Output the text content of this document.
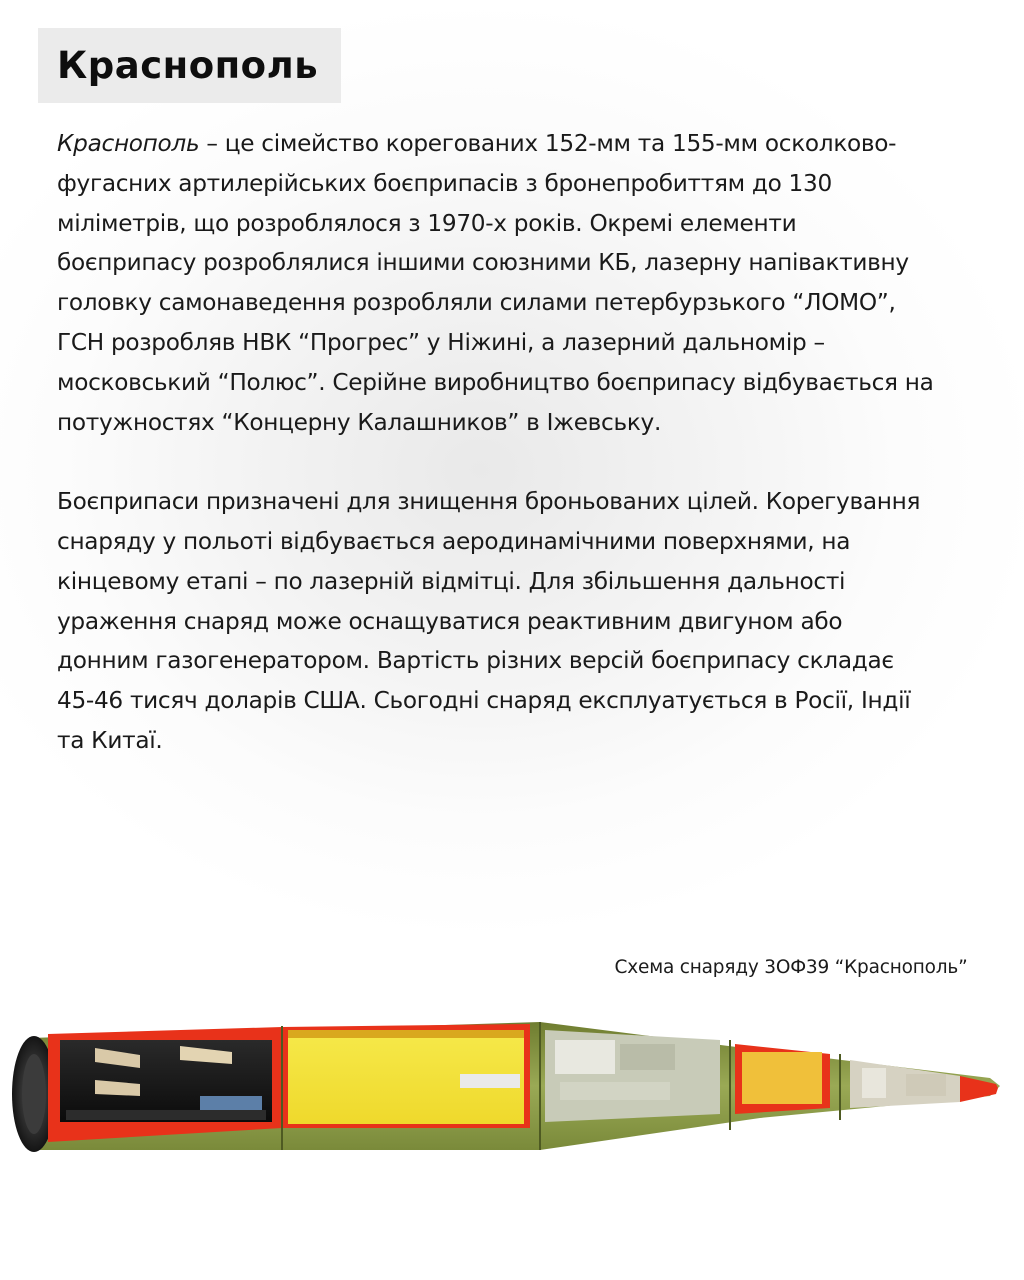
Краснополь

Краснополь – це сімейство корегованих 152-мм та 155-мм осколково-фугасних артилерійських боєприпасів з бронепробиттям до 130 міліметрів, що розроблялося з 1970-х років. Окремі елементи боєприпасу розроблялися іншими союзними КБ, лазерну напівактивну головку самонаведення розробляли силами петербурзького “ЛОМО”, ГСН розробляв НВК “Прогрес” у Ніжині, а лазерний дальномір – московський “Полюс”. Серійне виробництво боєприпасу відбувається на потужностях “Концерну Калашников” в Іжевську.

Боєприпаси призначені для знищення броньованих цілей. Корегування снаряду у польоті відбувається аеродинамічними поверхнями, на кінцевому етапі – по лазерній відмітці. Для збільшення дальності ураження снаряд може оснащуватися реактивним двигуном або донним газогенератором. Вартість різних версій боєприпасу складає 45-46 тисяч доларів США. Сьогодні снаряд експлуатується в Росії, Індії та Китаї.

Схема снаряду 3ОФ39 “Краснополь”
